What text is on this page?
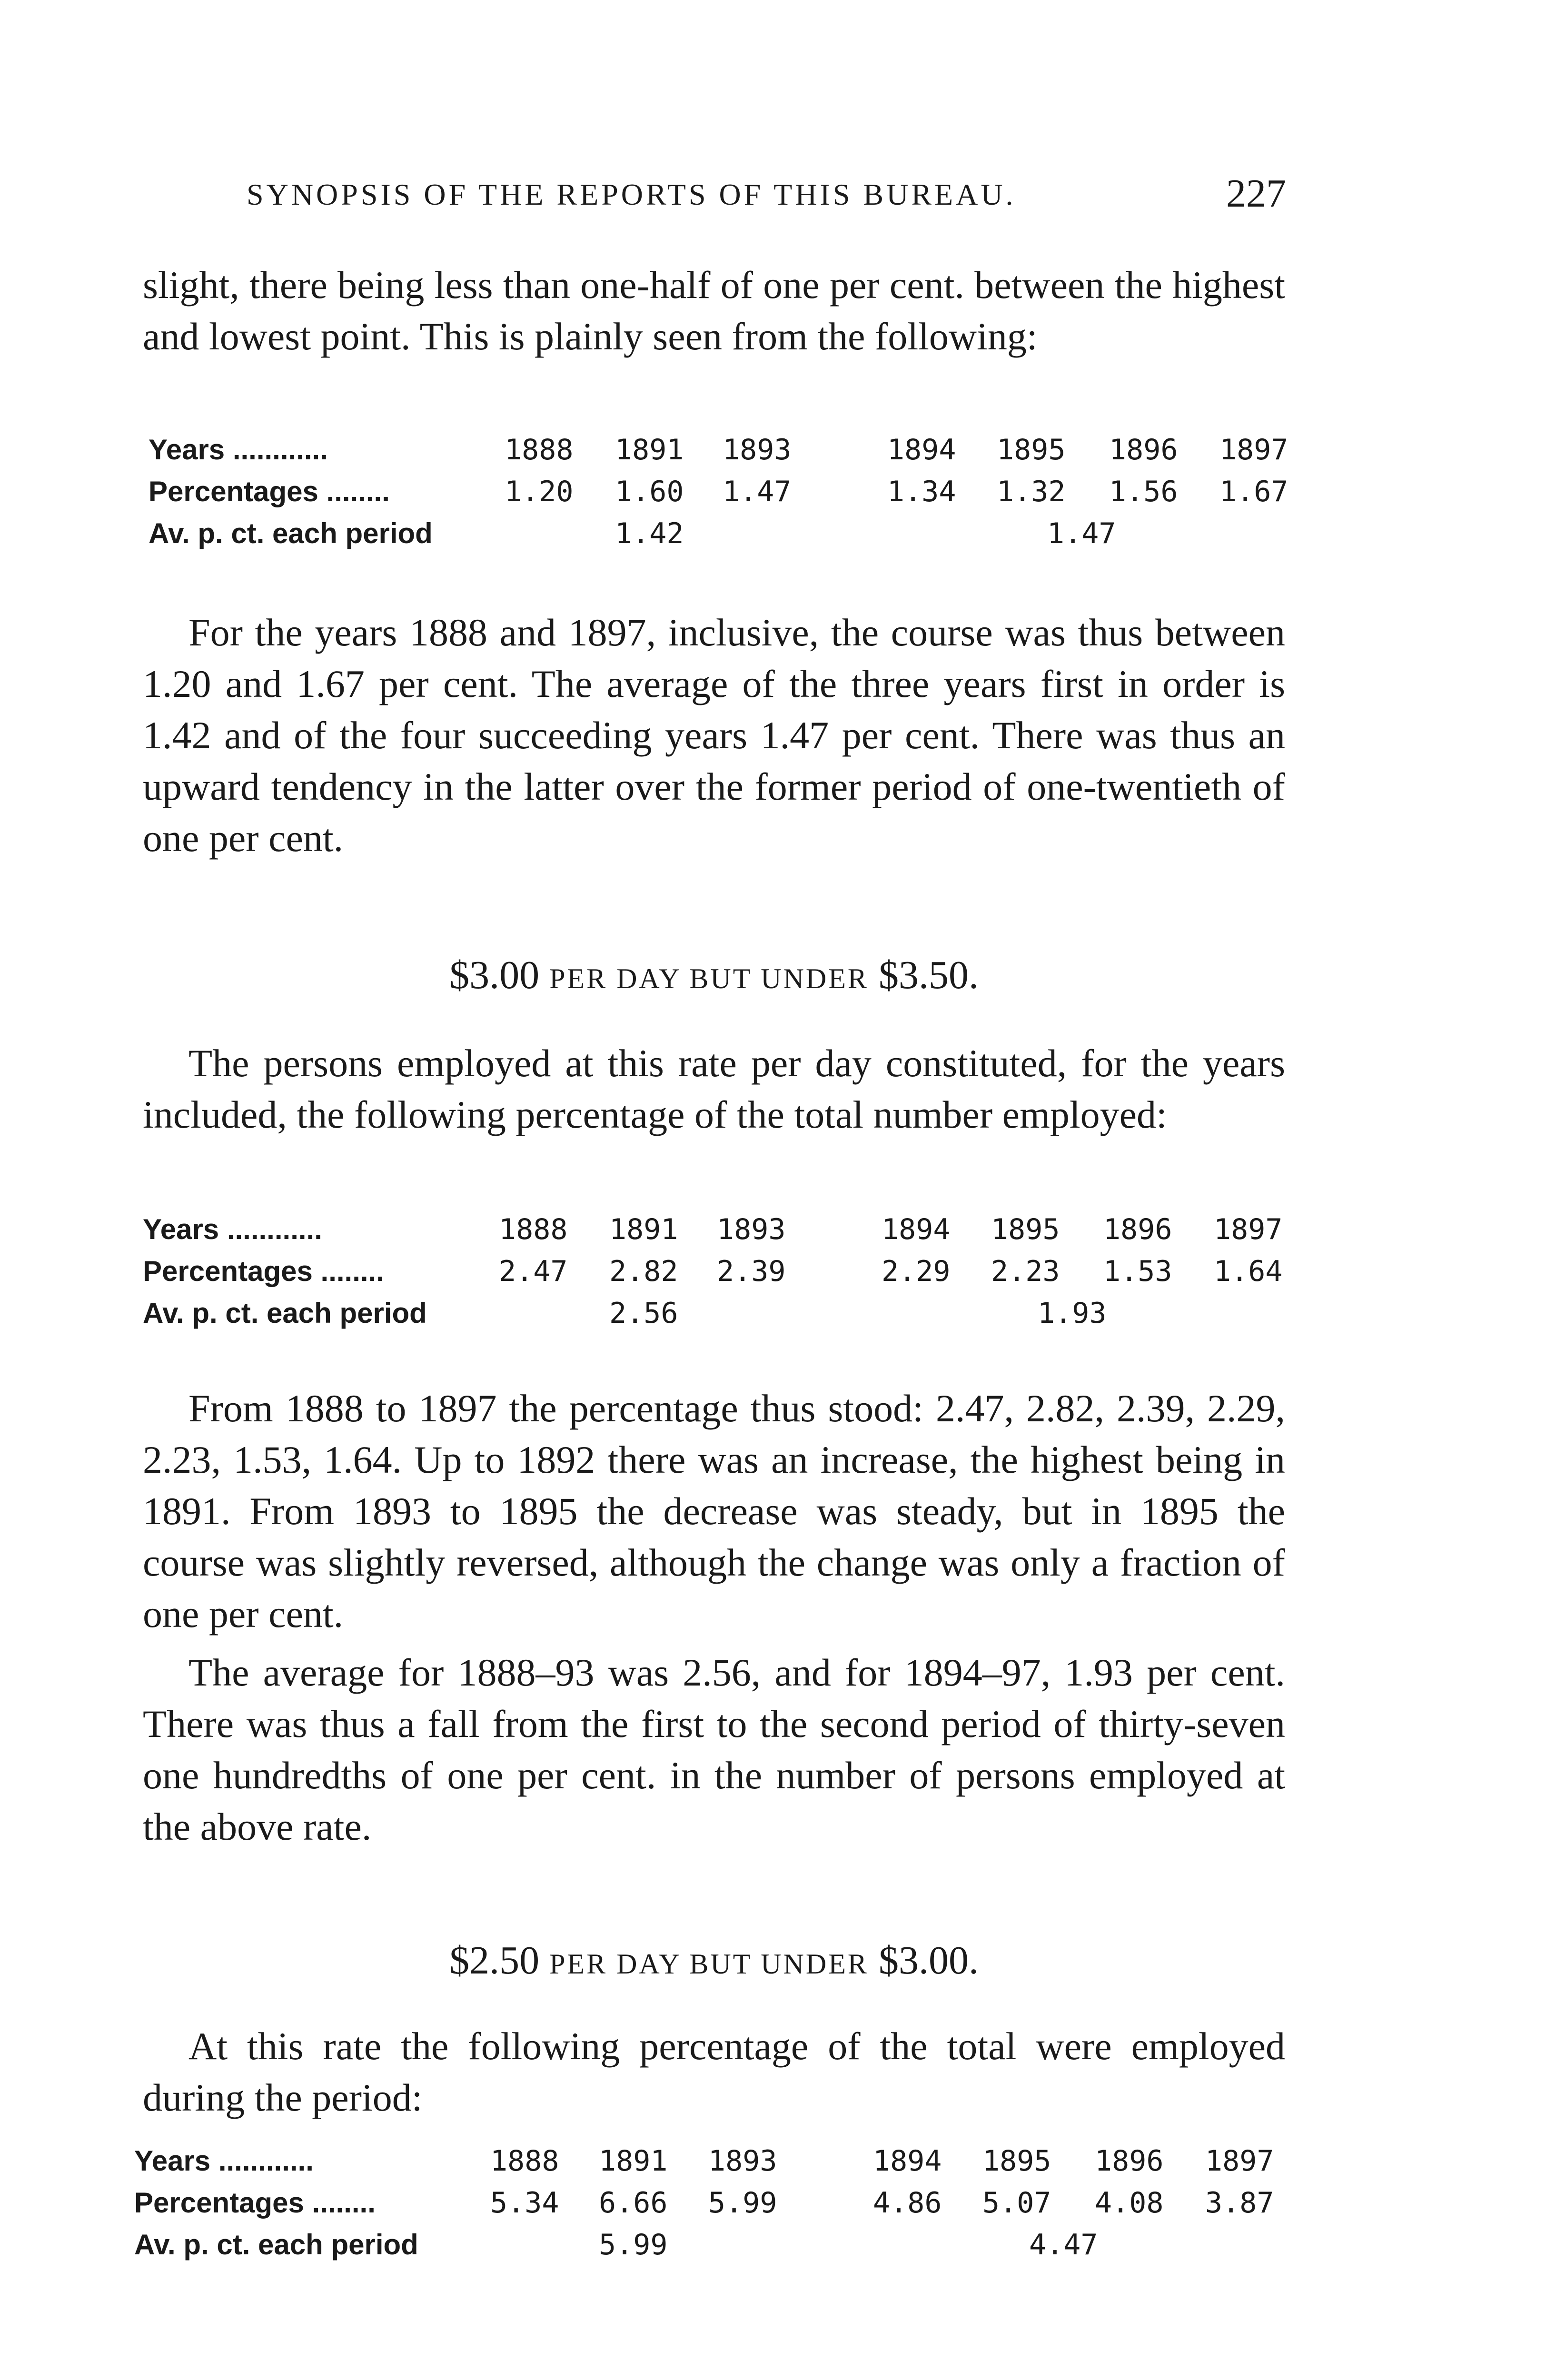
SYNOPSIS OF THE REPORTS OF THIS BUREAU.	227
slight, there being less than one-half of one per cent. between the highest and lowest point. This is plainly seen from the following:
Years ............	1888 1891 1893	1894 1895 1896 1897
Percentages ........	1.20 1.60 1.47	1.34 1.32 1.56 1.67
Av. p. ct. each period	1.42	1.47
For the years 1888 and 1897, inclusive, the course was thus between 1.20 and 1.67 per cent. The average of the three years first in order is 1.42 and of the four succeeding years 1.47 per cent. There was thus an upward tendency in the latter over the former period of one-twentieth of one per cent.
$3.00 PER DAY BUT UNDER $3.50.
The persons employed at this rate per day constituted, for the years included, the following percentage of the total number employed:
Years ............	1888 1891 1893	1894 1895 1896 1897
Percentages ........	2.47 2.82 2.39	2.29 2.23 1.53 1.64
Av. p. ct. each period	2.56	1.93
From 1888 to 1897 the percentage thus stood: 2.47, 2.82, 2.39, 2.29, 2.23, 1.53, 1.64. Up to 1892 there was an increase, the highest being in 1891. From 1893 to 1895 the decrease was steady, but in 1895 the course was slightly reversed, although the change was only a fraction of one per cent.
The average for 1888–93 was 2.56, and for 1894–97, 1.93 per cent. There was thus a fall from the first to the second period of thirty-seven one hundredths of one per cent. in the number of persons employed at the above rate.
$2.50 PER DAY BUT UNDER $3.00.
At this rate the following percentage of the total were employed during the period:
Years ............	1888 1891 1893	1894 1895 1896 1897
Percentages ........	5.34 6.66 5.99	4.86 5.07 4.08 3.87
Av. p. ct. each period	5.99	4.47
